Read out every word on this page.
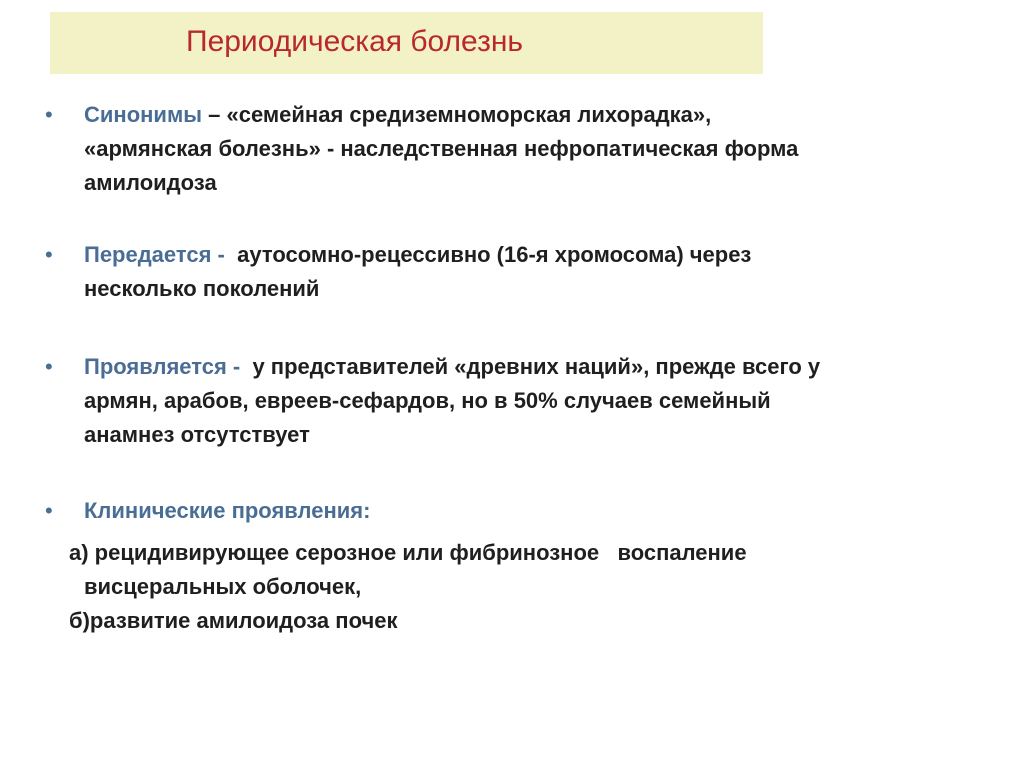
Периодическая болезнь
• Синонимы – «семейная средиземноморская лихорадка»,
«армянская болезнь» - наследственная нефропатическая форма
амилоидоза
• Передается -  аутосомно-рецессивно (16-я хромосома) через
несколько поколений
• Проявляется -  у представителей «древних наций», прежде всего у
армян, арабов, евреев-сефардов, но в 50% случаев семейный
анамнез отсутствует
• Клинические проявления:
а) рецидивирующее серозное или фибринозное   воспаление
висцеральных оболочек,
б)развитие амилоидоза почек
